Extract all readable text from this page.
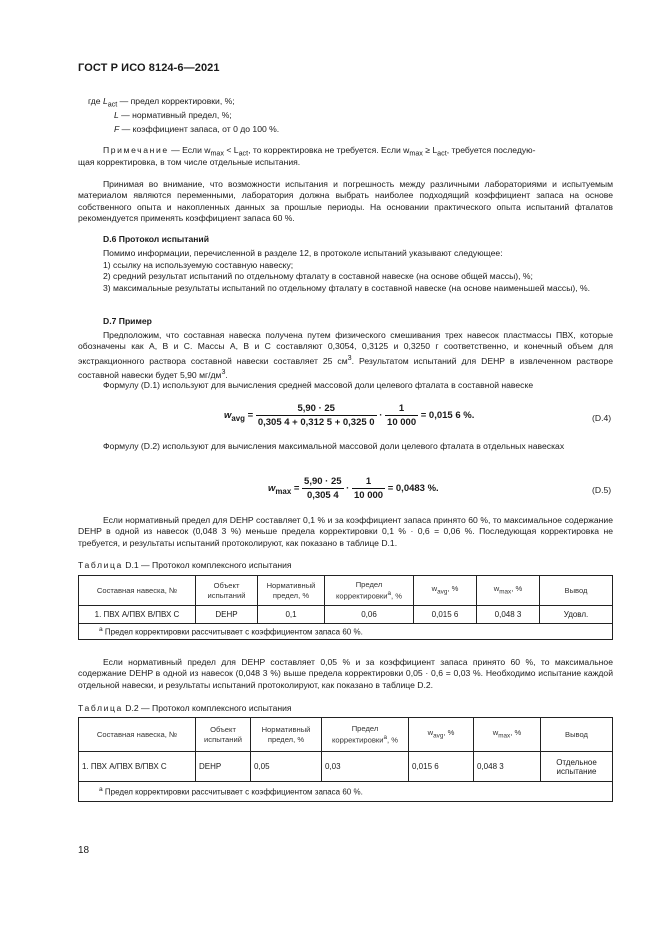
ГОСТ Р ИСО 8124-6—2021
где $L_{act}$ — предел корректировки, %;
L — нормативный предел, %;
F — коэффициент запаса, от 0 до 100 %.
Примечание — Если $w_{max} < L_{act}$, то корректировка не требуется. Если $w_{max} \ge L_{act}$, требуется последую-
щая корректировка, в том числе отдельные испытания.
Принимая во внимание, что возможности испытания и погрешность между различными лабораториями и испытуемым материалом являются переменными, лаборатория должна выбрать наиболее подходящий коэффициент запаса на основе собственного опыта и накопленных данных за прошлые периоды. На основании практического опыта испытаний фталатов рекомендуется применять коэффициент запаса 60 %.
D.6 Протокол испытаний
Помимо информации, перечисленной в разделе 12, в протоколе испытаний указывают следующее:
1) ссылку на используемую составную навеску;
2) средний результат испытаний по отдельному фталату в составной навеске (на основе общей массы), %;
3) максимальные результаты испытаний по отдельному фталату в составной навеске (на основе наименьшей массы), %.
D.7 Пример
Предположим, что составная навеска получена путем физического смешивания трех навесок пластмассы ПВХ, которые обозначены как А, В и С. Массы А, В и С составляют 0,3054, 0,3125 и 0,3250 г соответственно, и конечный объем для экстракционного раствора составной навески составляет 25 $см^3$. Результатом испытаний для DEHP в извлеченном растворе составной навески будет 5,90 $мг/дм^3$.
Формулу (D.1) используют для вычисления средней массовой доли целевого фталата в составной навеске
$w_{avg} = \frac{5,90 \cdot 25}{0,305 4 + 0,312 5 + 0,325 0} \cdot \frac{1}{10 000} = 0,015$ 6 %.	(D.4)
Формулу (D.2) используют для вычисления максимальной массовой доли целевого фталата в отдельных навесках
$w_{max} = \frac{5,90 \cdot 25}{0,305 4} \cdot \frac{1}{10 000} = 0,0483$ %.	(D.5)
Если нормативный предел для DEHP составляет 0,1 % и за коэффициент запаса принято 60 %, то максимальное содержание DEHP в одной из навесок (0,048 3 %) меньше предела корректировки 0,1 % · 0,6 = 0,06 %. Последующая корректировка не требуется, и результаты испытаний протоколируют, как показано в таблице D.1.
Таблица D.1 — Протокол комплексного испытания
Составная навеска, №	Объект испытаний	Нормативный предел, %	Предел корректировки$^а$, %	$w_{avg}$, %	$w_{max}$, %	Вывод
1. ПВХ А/ПВХ В/ПВХ С	DEHP	0,1	0,06	0,015 6	0,048 3	Удовл.
$^а$ Предел корректировки рассчитывает с коэффициентом запаса 60 %.						
Если нормативный предел для DEHP составляет 0,05 % и за коэффициент запаса принято 60 %, то максимальное содержание DEHP в одной из навесок (0,048 3 %) выше предела корректировки 0,05 · 0,6 = 0,03 %. Необходимо испытание каждой отдельной навески, и результаты испытаний протоколируют, как показано в таблице D.2.
Таблица D.2 — Протокол комплексного испытания
Составная навеска, №	Объект испытаний	Нормативный предел, %	Предел корректировки$^а$, %	$w_{avg}$, %	$w_{max}$, %	Вывод
1. ПВХ А/ПВХ В/ПВХ С	DEHP	0,05	0,03	0,015 6	0,048 3	Отдельное испытание
$^а$ Предел корректировки рассчитывает с коэффициентом запаса 60 %.						
18
